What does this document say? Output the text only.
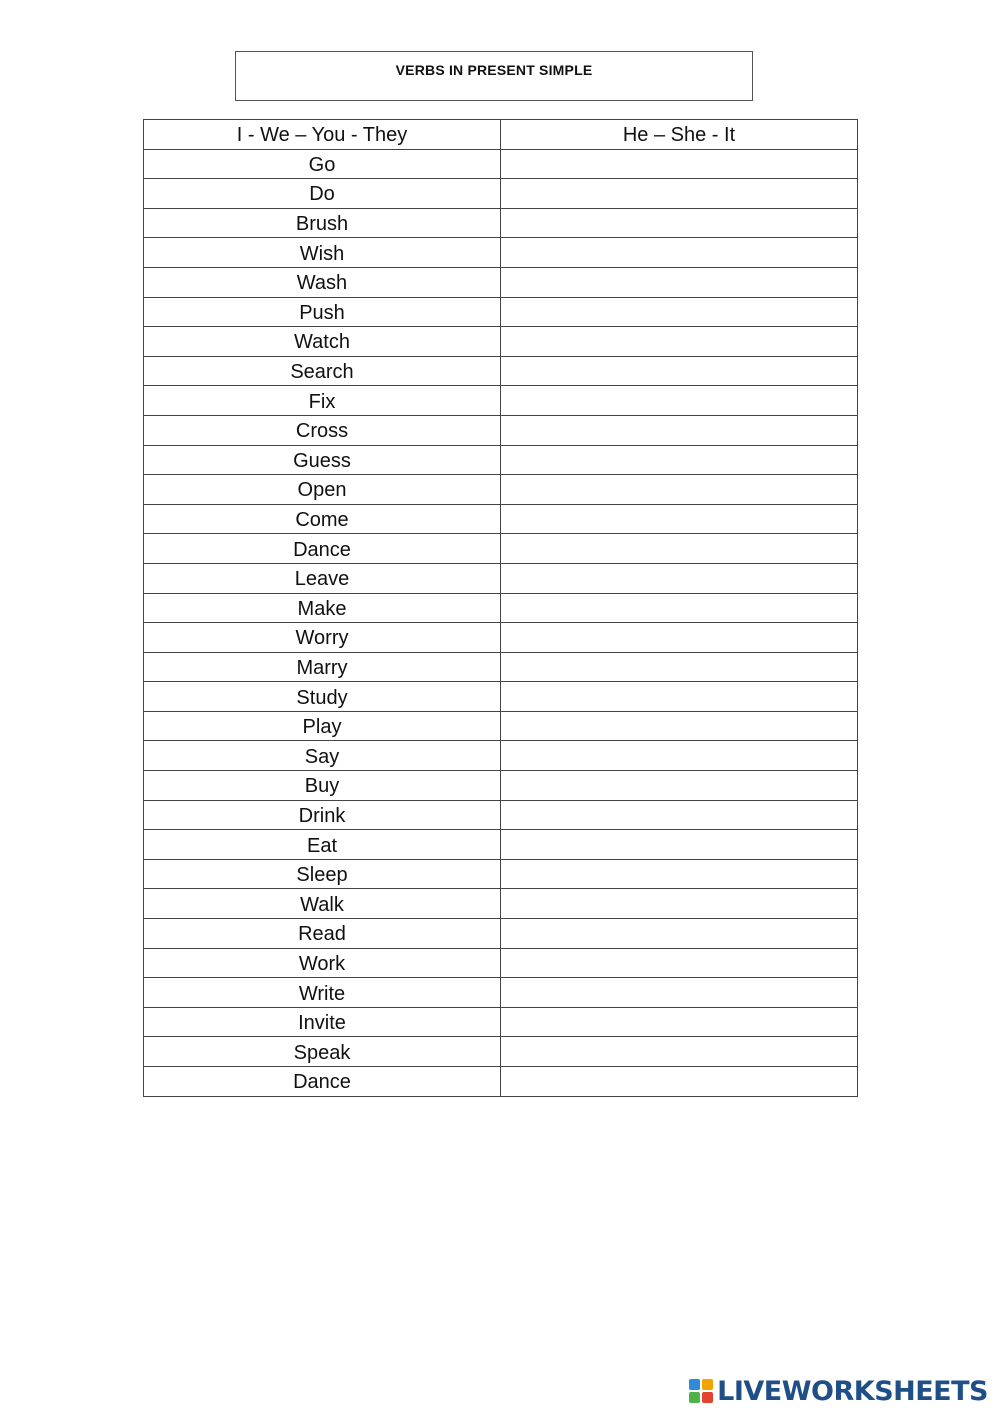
VERBS IN PRESENT SIMPLE
I - We – You - They	He – She - It
Go	
Do	
Brush	
Wish	
Wash	
Push	
Watch	
Search	
Fix	
Cross	
Guess	
Open	
Come	
Dance	
Leave	
Make	
Worry	
Marry	
Study	
Play	
Say	
Buy	
Drink	
Eat	
Sleep	
Walk	
Read	
Work	
Write	
Invite	
Speak	
Dance	
LIVEWORKSHEETS
